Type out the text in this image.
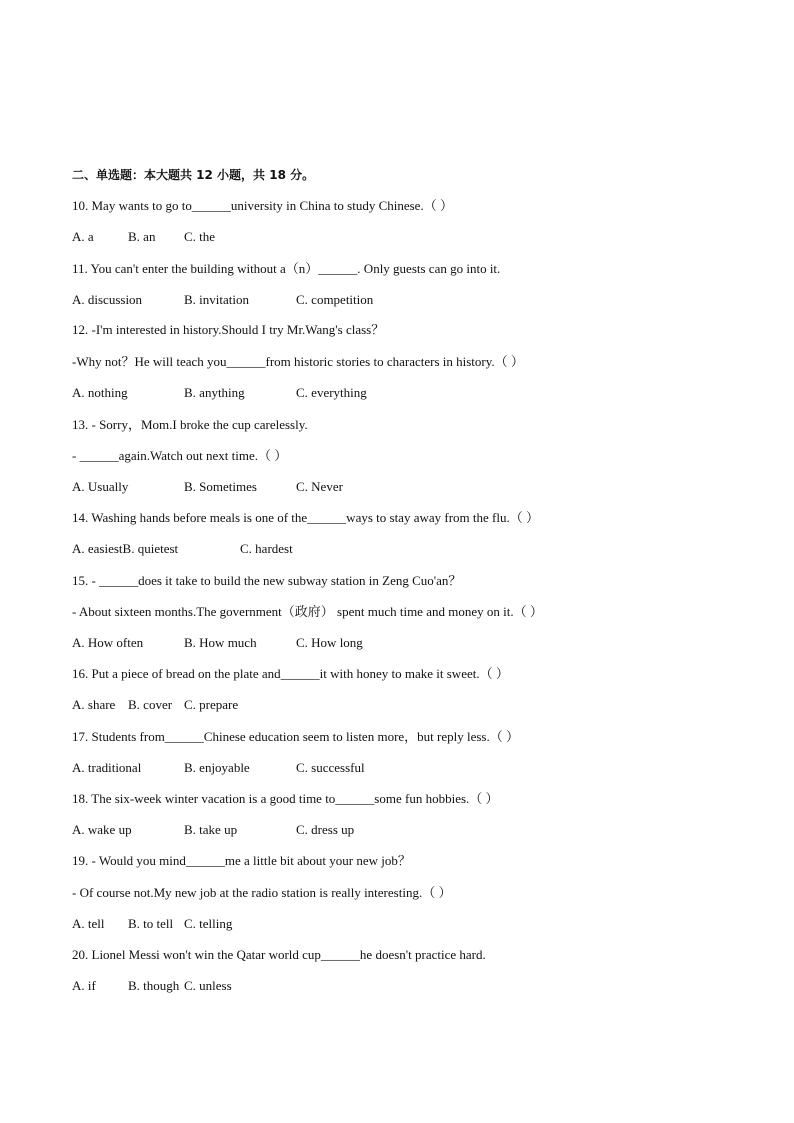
二、单选题：本大题共 12 小题，共 18 分。
10. May wants to go to______university in China to study Chinese.（ ）
A. a	B. an C. the
11. You can't enter the building without a（n）______. Only guests can go into it.
A. discussion	B. invitation	C. competition
12. -I'm interested in history.Should I try Mr.Wang's class？
-Why not？He will teach you______from historic stories to characters in history.（ ）
A. nothing	B. anything	C. everything
13. - Sorry，Mom.I broke the cup carelessly.
- ______again.Watch out next time.（ ）
A. Usually	B. Sometimes	C. Never
14. Washing hands before meals is one of the______ways to stay away from the flu.（ ）
A. easiestB. quietest	C. hardest
15. - ______does it take to build the new subway station in Zeng Cuo'an？
- About sixteen months.The government（政府） spent much time and money on it.（ ）
A. How often	B. How much	C. How long
16. Put a piece of bread on the plate and______it with honey to make it sweet.（ ）
A. share B. cover C. prepare
17. Students from______Chinese education seem to listen more，but reply less.（ ）
A. traditional	B. enjoyable	C. successful
18. The six-week winter vacation is a good time to______some fun hobbies.（ ）
A. wake up	B. take up	C. dress up
19. - Would you mind______me a little bit about your new job？
- Of course not.My new job at the radio station is really interesting.（ ）
A. tell B. to tell C. telling
20. Lionel Messi won't win the Qatar world cup______he doesn't practice hard.
A. if B. though C. unless
